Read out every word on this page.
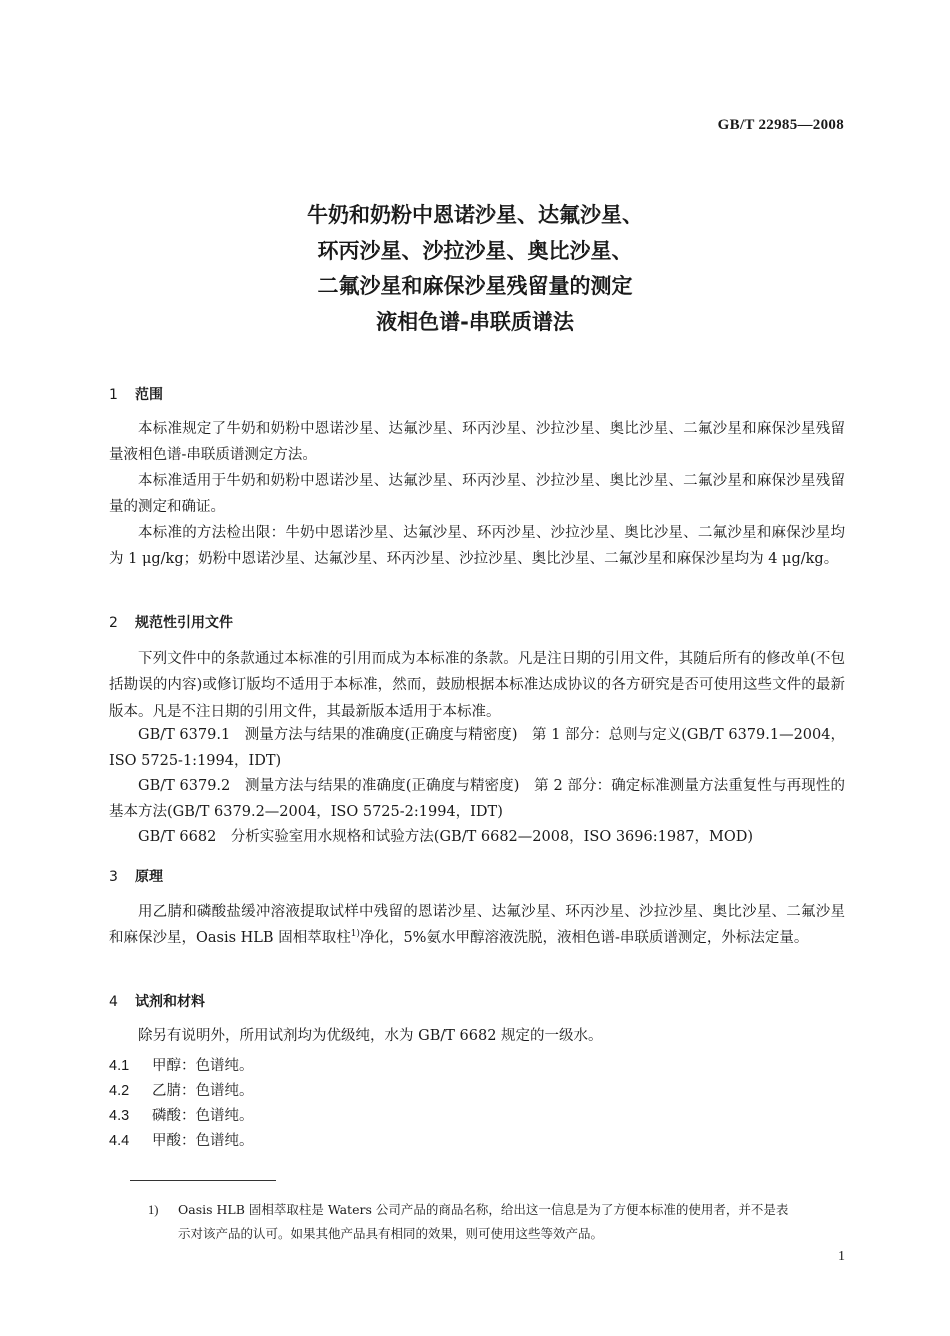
GB/T 22985—2008
牛奶和奶粉中恩诺沙星、达氟沙星、
环丙沙星、沙拉沙星、奥比沙星、
二氟沙星和麻保沙星残留量的测定
液相色谱-串联质谱法
1 范围

本标准规定了牛奶和奶粉中恩诺沙星、达氟沙星、环丙沙星、沙拉沙星、奥比沙星、二氟沙星和麻保沙星残留量液相色谱-串联质谱测定方法。

本标准适用于牛奶和奶粉中恩诺沙星、达氟沙星、环丙沙星、沙拉沙星、奥比沙星、二氟沙星和麻保沙星残留量的测定和确证。

本标准的方法检出限：牛奶中恩诺沙星、达氟沙星、环丙沙星、沙拉沙星、奥比沙星、二氟沙星和麻保沙星均为 1 μg/kg；奶粉中恩诺沙星、达氟沙星、环丙沙星、沙拉沙星、奥比沙星、二氟沙星和麻保沙星均为 4 μg/kg。

2 规范性引用文件

下列文件中的条款通过本标准的引用而成为本标准的条款。凡是注日期的引用文件，其随后所有的修改单(不包括勘误的内容)或修订版均不适用于本标准，然而，鼓励根据本标准达成协议的各方研究是否可使用这些文件的最新版本。凡是不注日期的引用文件，其最新版本适用于本标准。

GB/T 6379.1　测量方法与结果的准确度(正确度与精密度)　第 1 部分：总则与定义(GB/T 6379.1—2004，ISO 5725-1:1994，IDT)

GB/T 6379.2　测量方法与结果的准确度(正确度与精密度)　第 2 部分：确定标准测量方法重复性与再现性的基本方法(GB/T 6379.2—2004，ISO 5725-2:1994，IDT)

GB/T 6682　分析实验室用水规格和试验方法(GB/T 6682—2008，ISO 3696:1987，MOD)

3 原理

用乙腈和磷酸盐缓冲溶液提取试样中残留的恩诺沙星、达氟沙星、环丙沙星、沙拉沙星、奥比沙星、二氟沙星和麻保沙星，Oasis HLB 固相萃取柱$^{1)}$净化，5%氨水甲醇溶液洗脱，液相色谱-串联质谱测定，外标法定量。

4 试剂和材料

除另有说明外，所用试剂均为优级纯，水为 GB/T 6682 规定的一级水。

4.1 甲醇：色谱纯。
4.2 乙腈：色谱纯。
4.3 磷酸：色谱纯。
4.4 甲酸：色谱纯。
1) Oasis HLB 固相萃取柱是 Waters 公司产品的商品名称，给出这一信息是为了方便本标准的使用者，并不是表
示对该产品的认可。如果其他产品具有相同的效果，则可使用这些等效产品。
1
